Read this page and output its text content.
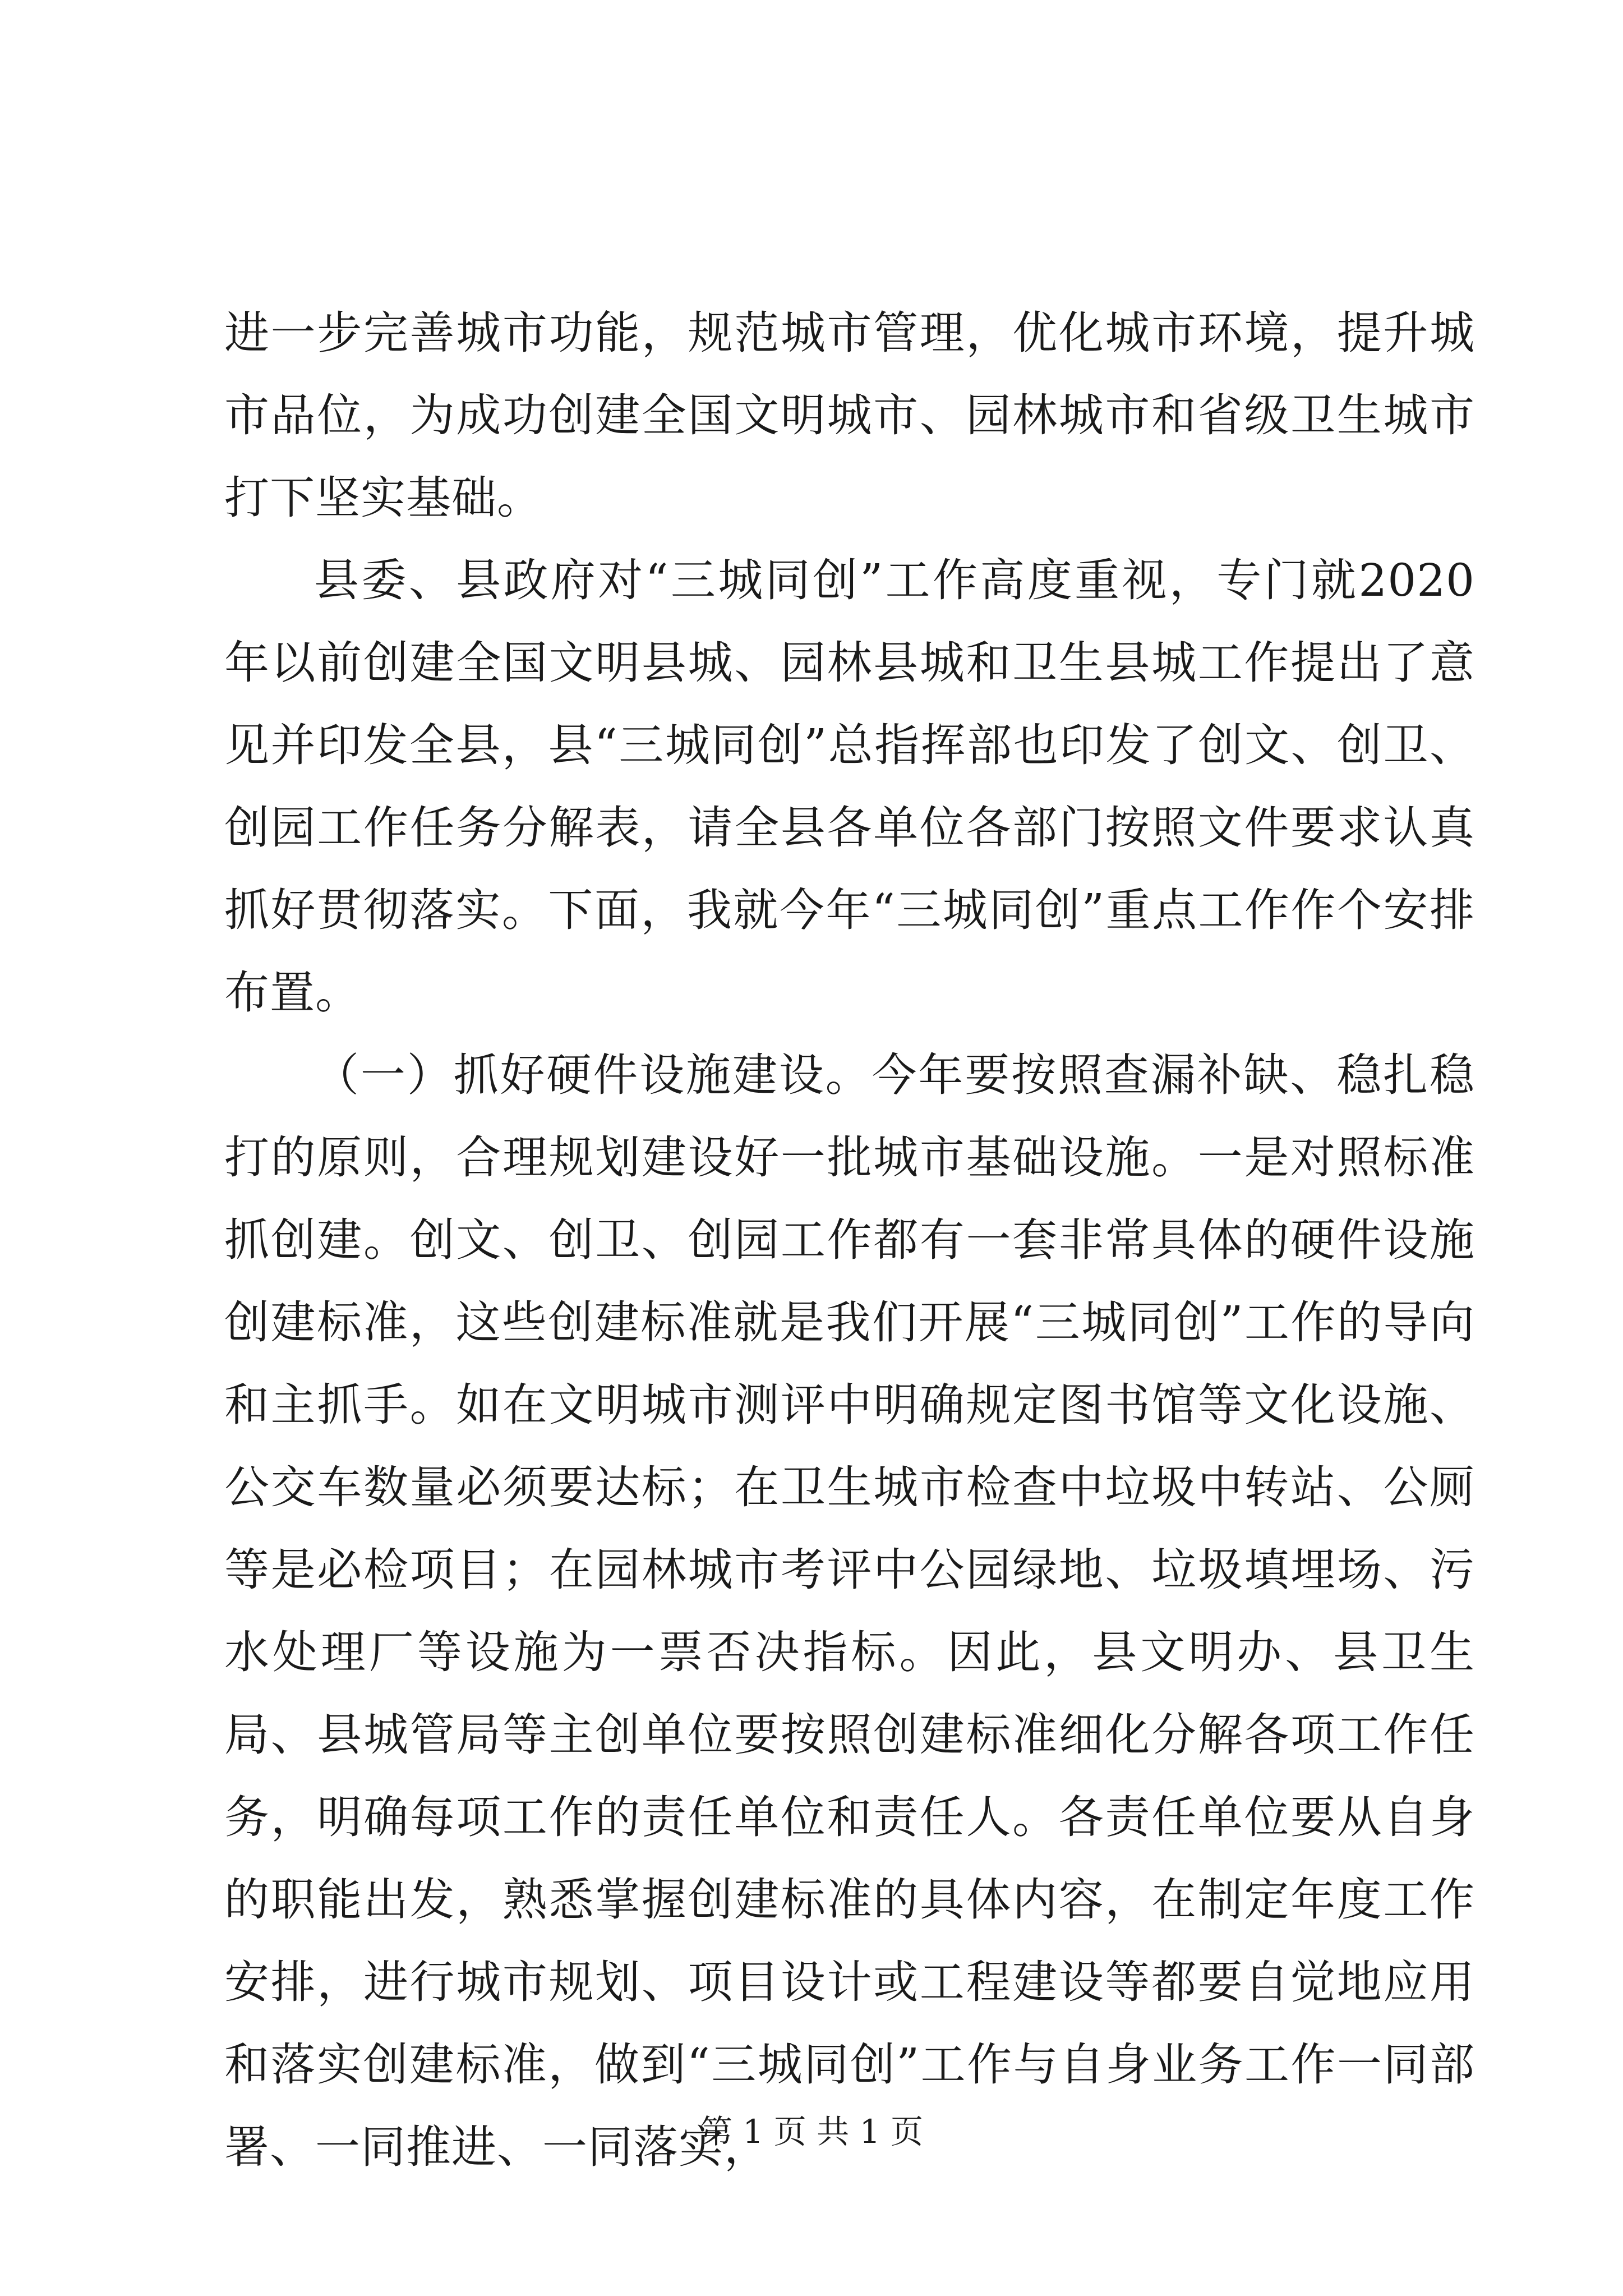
进一步完善城市功能，规范城市管理，优化城市环境，提升城市品位，为成功创建全国文明城市、园林城市和省级卫生城市打下坚实基础。

县委、县政府对“三城同创”工作高度重视，专门就2020年以前创建全国文明县城、园林县城和卫生县城工作提出了意见并印发全县，县“三城同创”总指挥部也印发了创文、创卫、创园工作任务分解表，请全县各单位各部门按照文件要求认真抓好贯彻落实。下面，我就今年“三城同创”重点工作作个安排布置。

（一）抓好硬件设施建设。今年要按照查漏补缺、稳扎稳打的原则，合理规划建设好一批城市基础设施。一是对照标准抓创建。创文、创卫、创园工作都有一套非常具体的硬件设施创建标准，这些创建标准就是我们开展“三城同创”工作的导向和主抓手。如在文明城市测评中明确规定图书馆等文化设施、公交车数量必须要达标；在卫生城市检查中垃圾中转站、公厕等是必检项目；在园林城市考评中公园绿地、垃圾填埋场、污水处理厂等设施为一票否决指标。因此，县文明办、县卫生局、县城管局等主创单位要按照创建标准细化分解各项工作任务，明确每项工作的责任单位和责任人。各责任单位要从自身的职能出发，熟悉掌握创建标准的具体内容，在制定年度工作安排，进行城市规划、项目设计或工程建设等都要自觉地应用和落实创建标准，做到“三城同创”工作与自身业务工作一同部署、一同推进、一同落实，

第 1 页 共 1 页
